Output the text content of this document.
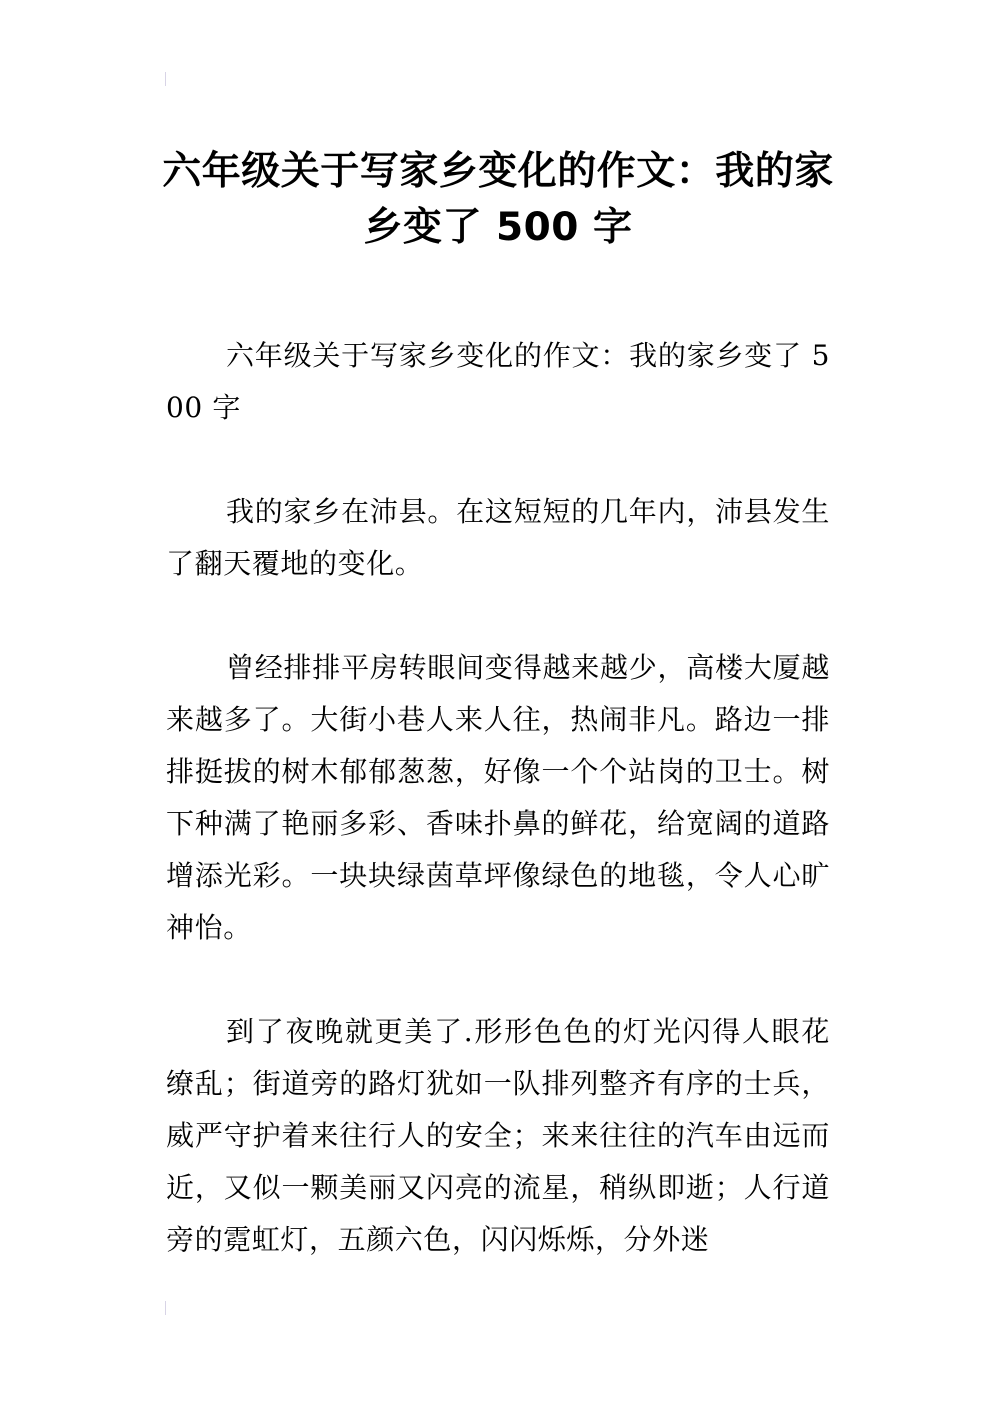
六年级关于写家乡变化的作文：我的家乡变了 500 字

六年级关于写家乡变化的作文：我的家乡变了 500 字

我的家乡在沛县。在这短短的几年内，沛县发生了翻天覆地的变化。

曾经排排平房转眼间变得越来越少，高楼大厦越来越多了。大街小巷人来人往，热闹非凡。路边一排排挺拔的树木郁郁葱葱，好像一个个站岗的卫士。树下种满了艳丽多彩、香味扑鼻的鲜花，给宽阔的道路增添光彩。一块块绿茵草坪像绿色的地毯，令人心旷神怡。

到了夜晚就更美了.形形色色的灯光闪得人眼花缭乱；街道旁的路灯犹如一队排列整齐有序的士兵，威严守护着来往行人的安全；来来往往的汽车由远而近，又似一颗美丽又闪亮的流星，稍纵即逝；人行道旁的霓虹灯，五颜六色，闪闪烁烁，分外迷
